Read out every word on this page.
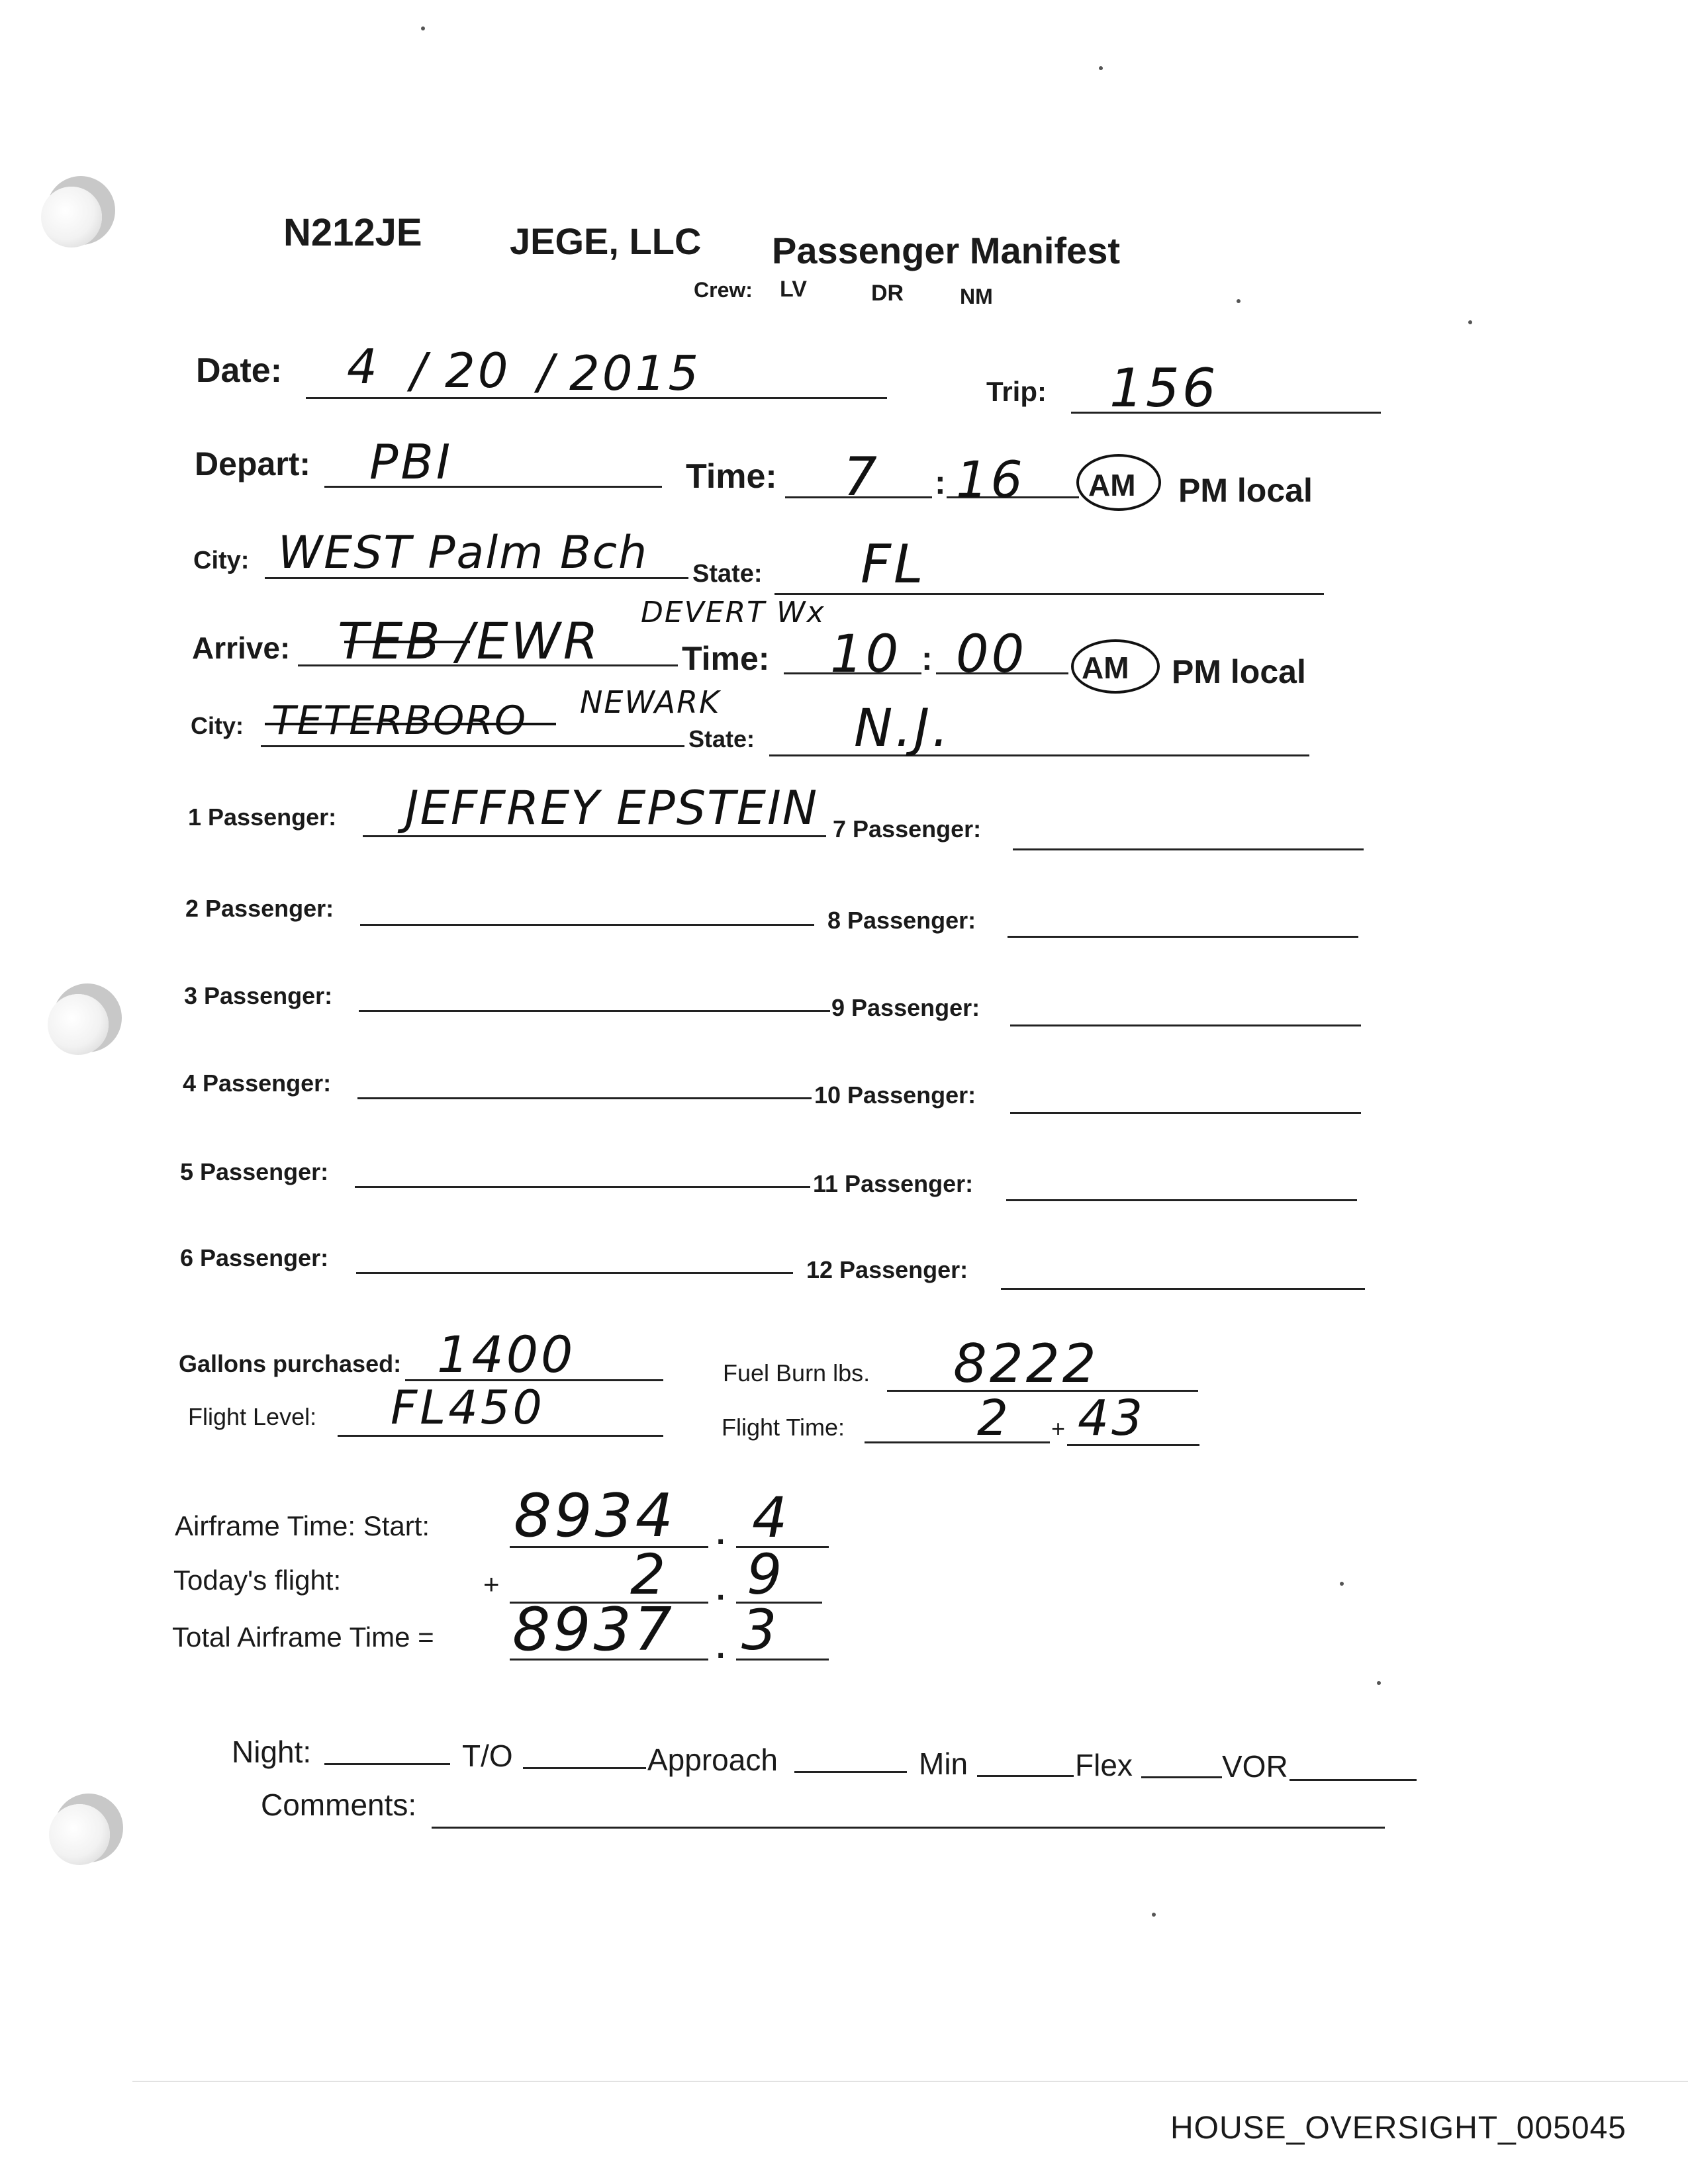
N212JE JEGE, LLC Passenger Manifest
Crew: LV	DR	NM
Date: 4 / 20 / 2015	Trip: 156
Depart: PBI	Time: 7 : 16 AM PM local
City: WEST Palm Bch State: FL
Arrive: TEB /EWR DEVERT Wx
Time: 10 : 00 AM PM local
City: TETERBORO NEWARK
State: N.J.
1 Passenger: JEFFREY EPSTEIN
2 Passenger:
3 Passenger:
4 Passenger:
5 Passenger:
6 Passenger:
7 Passenger:
8 Passenger:
9 Passenger:
10 Passenger:
11 Passenger:
12 Passenger:
Gallons purchased: 1400	Fuel Burn lbs. 8222
Flight Level: FL450	Flight Time:	2 + 43
Airframe Time: Start: 8934 . 4
Today's flight:	+ 2 . 9
Total Airframe Time = 8937 . 3
Night:	T/O	Approach	Min	Flex	VOR
Comments:
HOUSE_OVERSIGHT_005045
